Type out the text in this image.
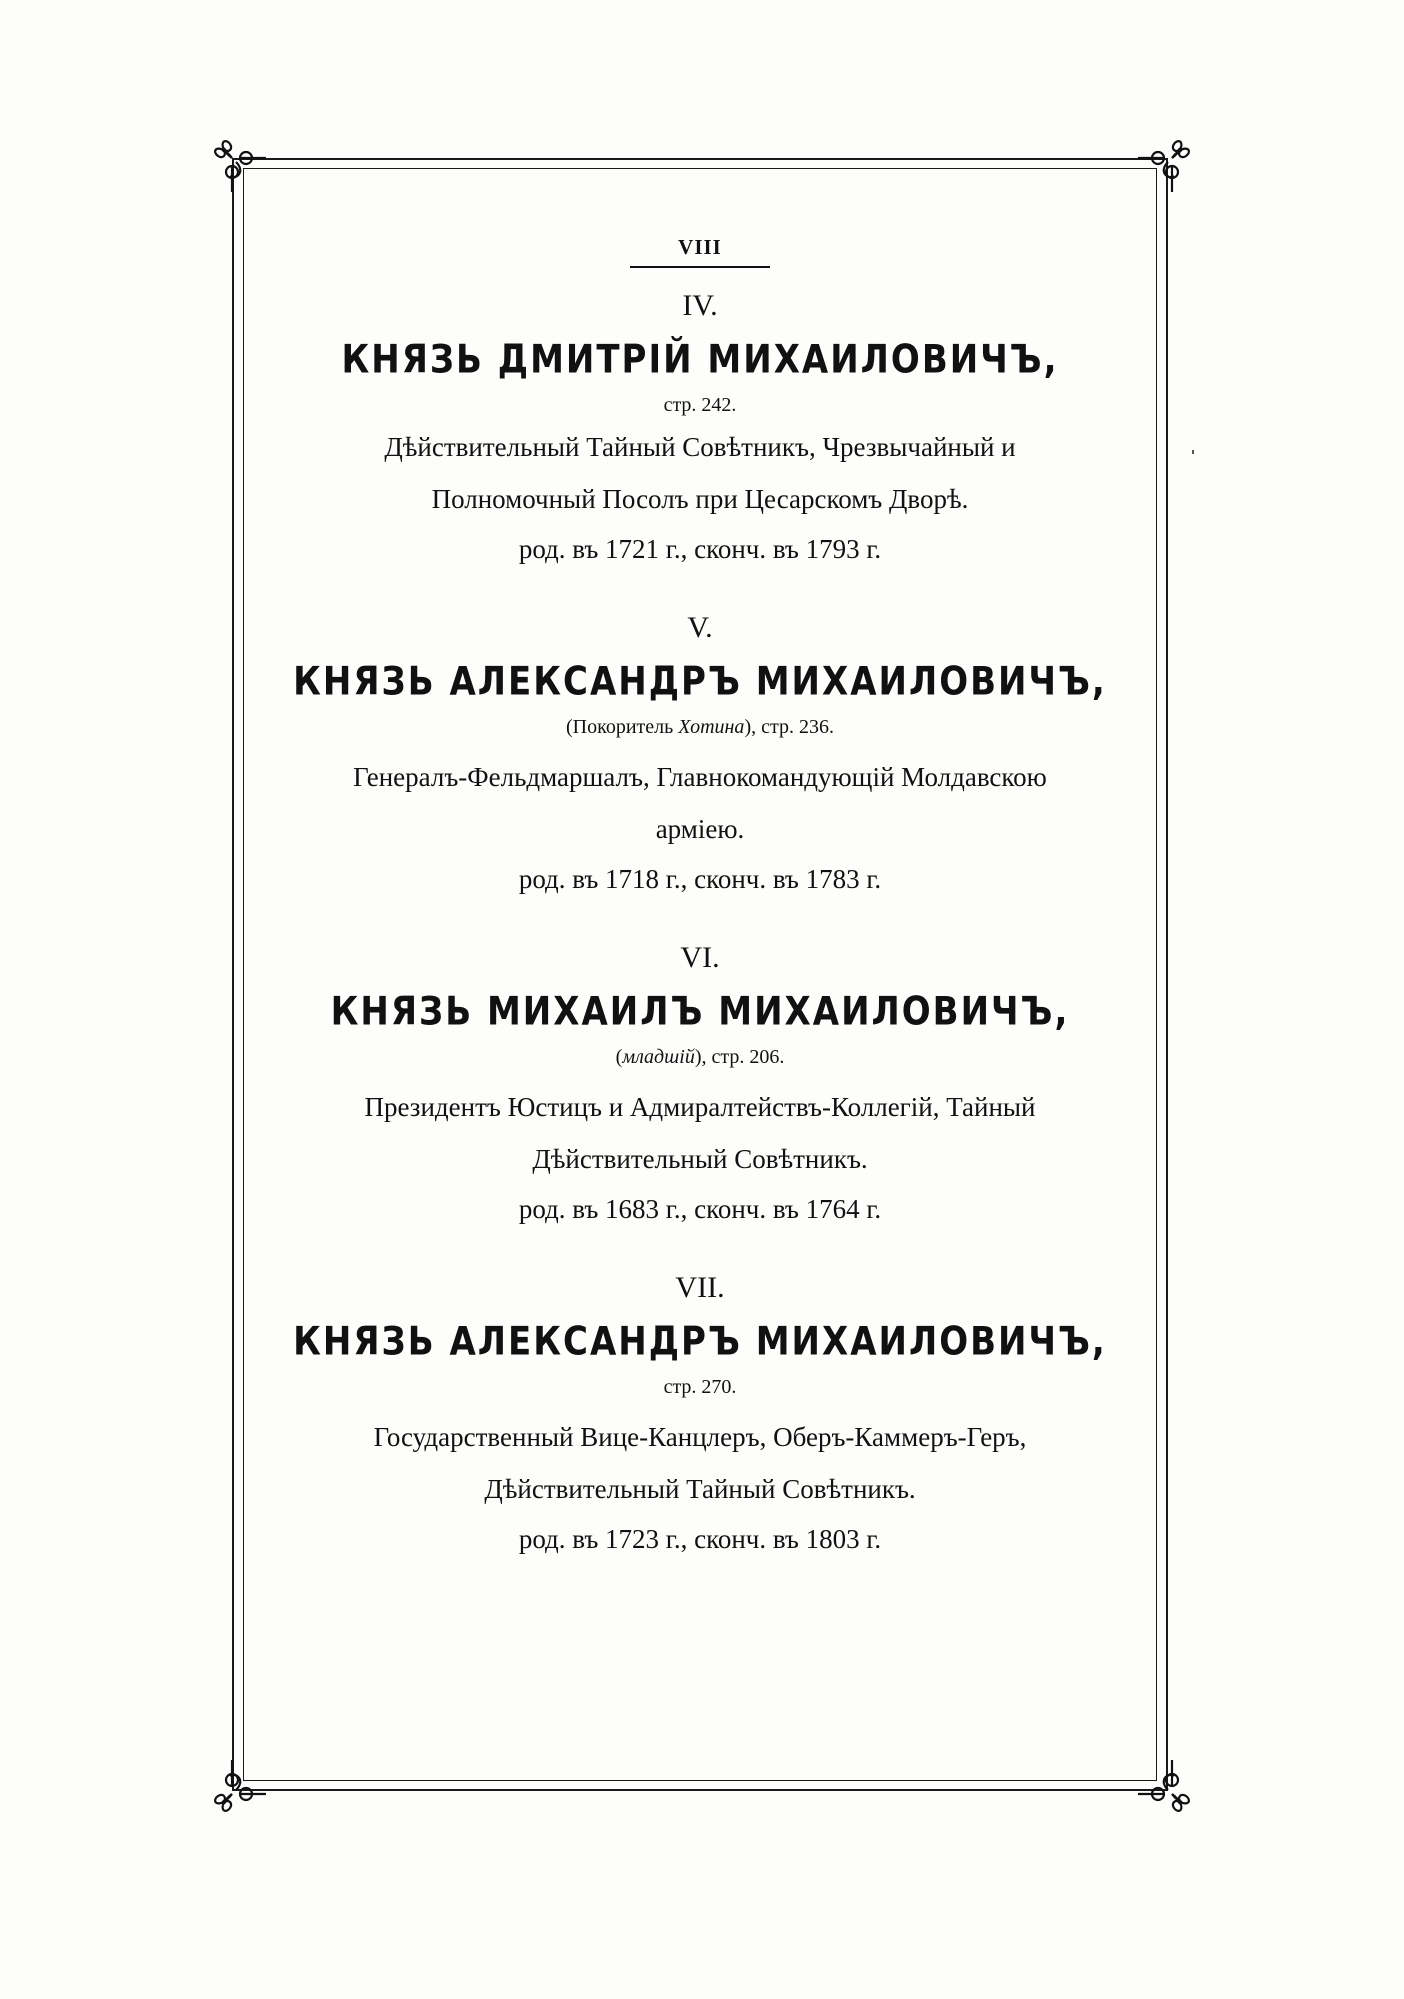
VIII
IV.
КНЯЗЬ ДМИТРІЙ МИХАИЛОВИЧЪ,
стр. 242.
Дѣйствительный Тайный Совѣтникъ, Чрезвычайный и
Полномочный Посолъ при Цесарскомъ Дворѣ.
род. въ 1721 г., сконч. въ 1793 г.
V.
КНЯЗЬ АЛЕКСАНДРЪ МИХАИЛОВИЧЪ,
(Покоритель Хотина), стр. 236.
Генералъ-Фельдмаршалъ, Главнокомандующій Молдавскою
арміею.
род. въ 1718 г., сконч. въ 1783 г.
VI.
КНЯЗЬ МИХАИЛЪ МИХАИЛОВИЧЪ,
(младшій), стр. 206.
Президентъ Юстицъ и Адмиралтействъ-Коллегій, Тайный
Дѣйствительный Совѣтникъ.
род. въ 1683 г., сконч. въ 1764 г.
VII.
КНЯЗЬ АЛЕКСАНДРЪ МИХАИЛОВИЧЪ,
стр. 270.
Государственный Вице-Канцлеръ, Оберъ-Каммеръ-Геръ,
Дѣйствительный Тайный Совѣтникъ.
род. въ 1723 г., сконч. въ 1803 г.
